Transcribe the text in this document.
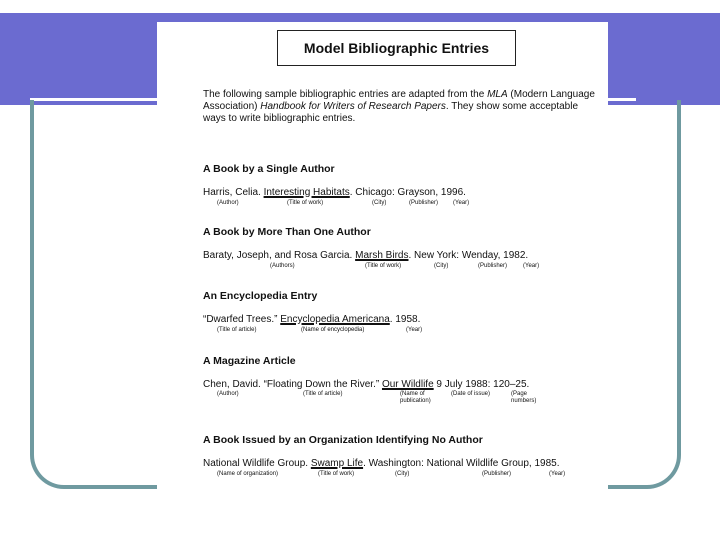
Model Bibliographic Entries
The following sample bibliographic entries are adapted from the MLA (Modern Language Association) Handbook for Writers of Research Papers. They show some acceptable ways to write bibliographic entries.
A Book by a Single Author
Harris, Celia. Interesting Habitats. Chicago: Grayson, 1996.
(Author)	(Title of work)	(City)	(Publisher) (Year)
A Book by More Than One Author
Baraty, Joseph, and Rosa Garcia. Marsh Birds. New York: Wenday, 1982.
(Authors)	(Title of work)	(City)	(Publisher)	(Year)
An Encyclopedia Entry
“Dwarfed Trees.” Encyclopedia Americana. 1958.
(Title of article)	(Name of encyclopedia)	(Year)
A Magazine Article
Chen, David. “Floating Down the River.” Our Wildlife 9 July 1988: 120–25.
(Author)	(Title of article)	(Name of publication)
(Date of issue)	(Page numbers)
A Book Issued by an Organization Identifying No Author
National Wildlife Group. Swamp Life. Washington: National Wildlife Group, 1985.
(Name of organization)	(Title of work)	(City)	(Publisher)	(Year)
